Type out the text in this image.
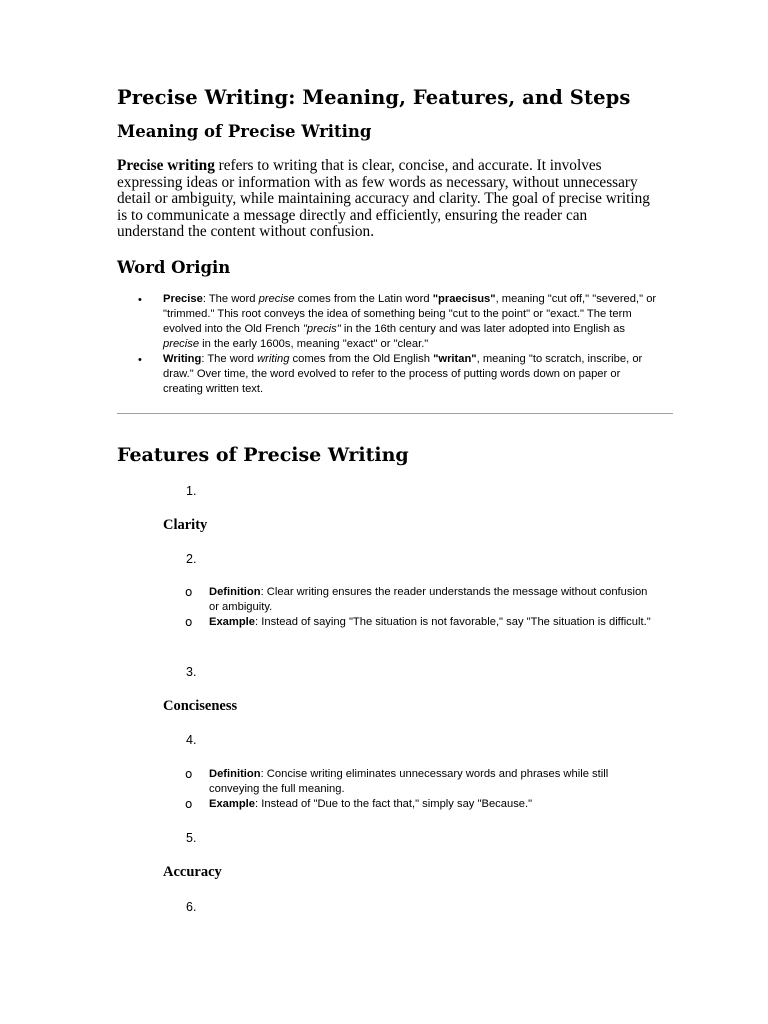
Precise Writing: Meaning, Features, and Steps
Meaning of Precise Writing

Precise writing refers to writing that is clear, concise, and accurate. It involves expressing ideas or information with as few words as necessary, without unnecessary detail or ambiguity, while maintaining accuracy and clarity. The goal of precise writing is to communicate a message directly and efficiently, ensuring the reader can understand the content without confusion.

Word Origin
• Precise: The word precise comes from the Latin word "praecisus", meaning "cut off," "severed," or "trimmed." This root conveys the idea of something being "cut to the point" or "exact." The term evolved into the Old French "precis" in the 16th century and was later adopted into English as precise in the early 1600s, meaning "exact" or "clear."
• Writing: The word writing comes from the Old English "writan", meaning "to scratch, inscribe, or draw." Over time, the word evolved to refer to the process of putting words down on paper or creating written text.
Features of Precise Writing
1.
Clarity
2.
o Definition: Clear writing ensures the reader understands the message without confusion or ambiguity.
o Example: Instead of saying "The situation is not favorable," say "The situation is difficult."
3.
Conciseness
4.
o Definition: Concise writing eliminates unnecessary words and phrases while still conveying the full meaning.
o Example: Instead of "Due to the fact that," simply say "Because."
5.
Accuracy
6.
